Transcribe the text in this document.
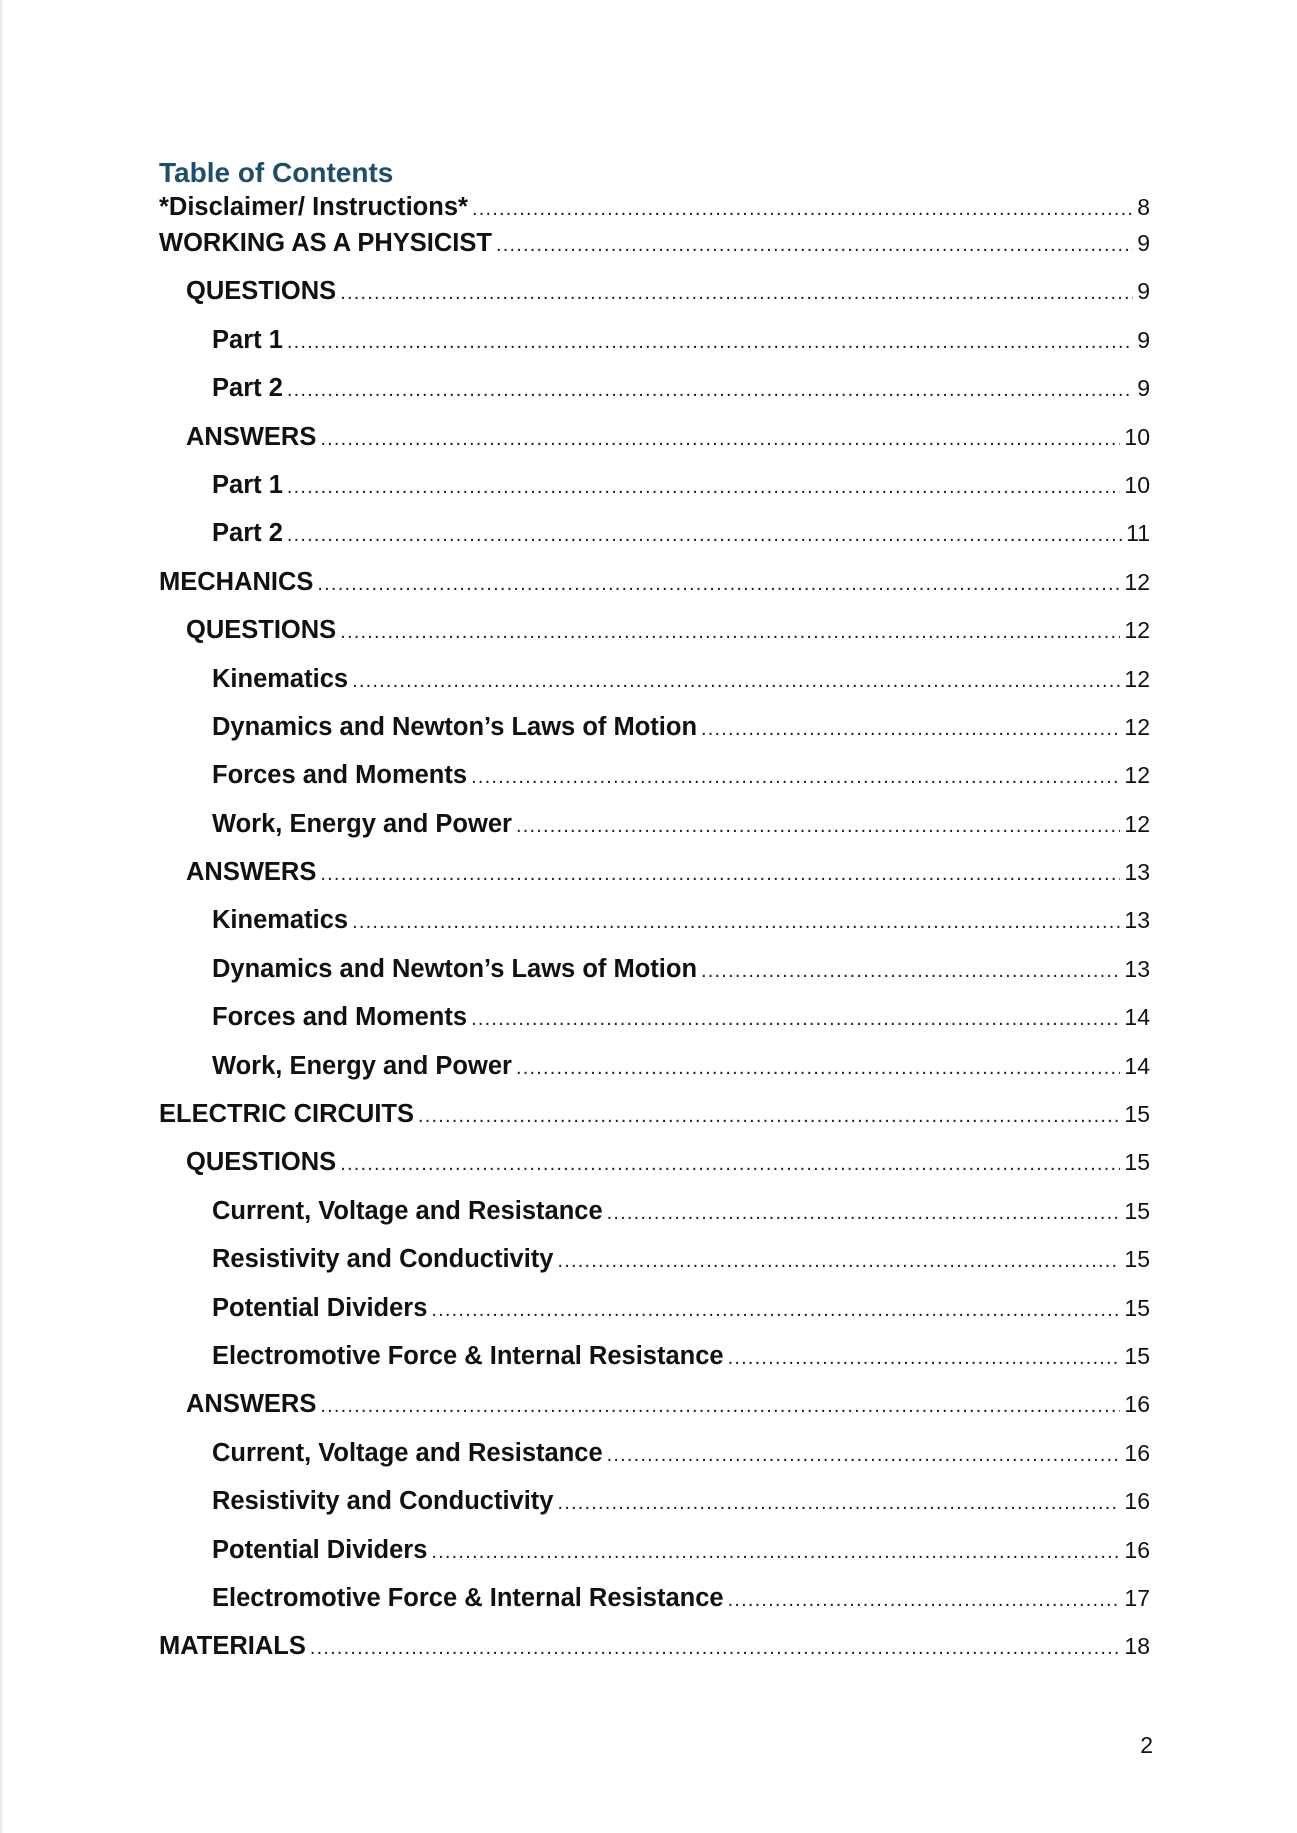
Table of Contents
*Disclaimer/ Instructions* .....	8
WORKING AS A PHYSICIST .....	9
QUESTIONS .....	9
Part 1 .....	9
Part 2 .....	9
ANSWERS .....	10
Part 1 .....	10
Part 2 .....	11
MECHANICS .....	12
QUESTIONS .....	12
Kinematics .....	12
Dynamics and Newton’s Laws of Motion .....	12
Forces and Moments .....	12
Work, Energy and Power .....	12
ANSWERS .....	13
Kinematics .....	13
Dynamics and Newton’s Laws of Motion .....	13
Forces and Moments .....	14
Work, Energy and Power .....	14
ELECTRIC CIRCUITS .....	15
QUESTIONS .....	15
Current, Voltage and Resistance .....	15
Resistivity and Conductivity .....	15
Potential Dividers .....	15
Electromotive Force & Internal Resistance .....	15
ANSWERS .....	16
Current, Voltage and Resistance .....	16
Resistivity and Conductivity .....	16
Potential Dividers .....	16
Electromotive Force & Internal Resistance .....	17
MATERIALS .....	18
2
